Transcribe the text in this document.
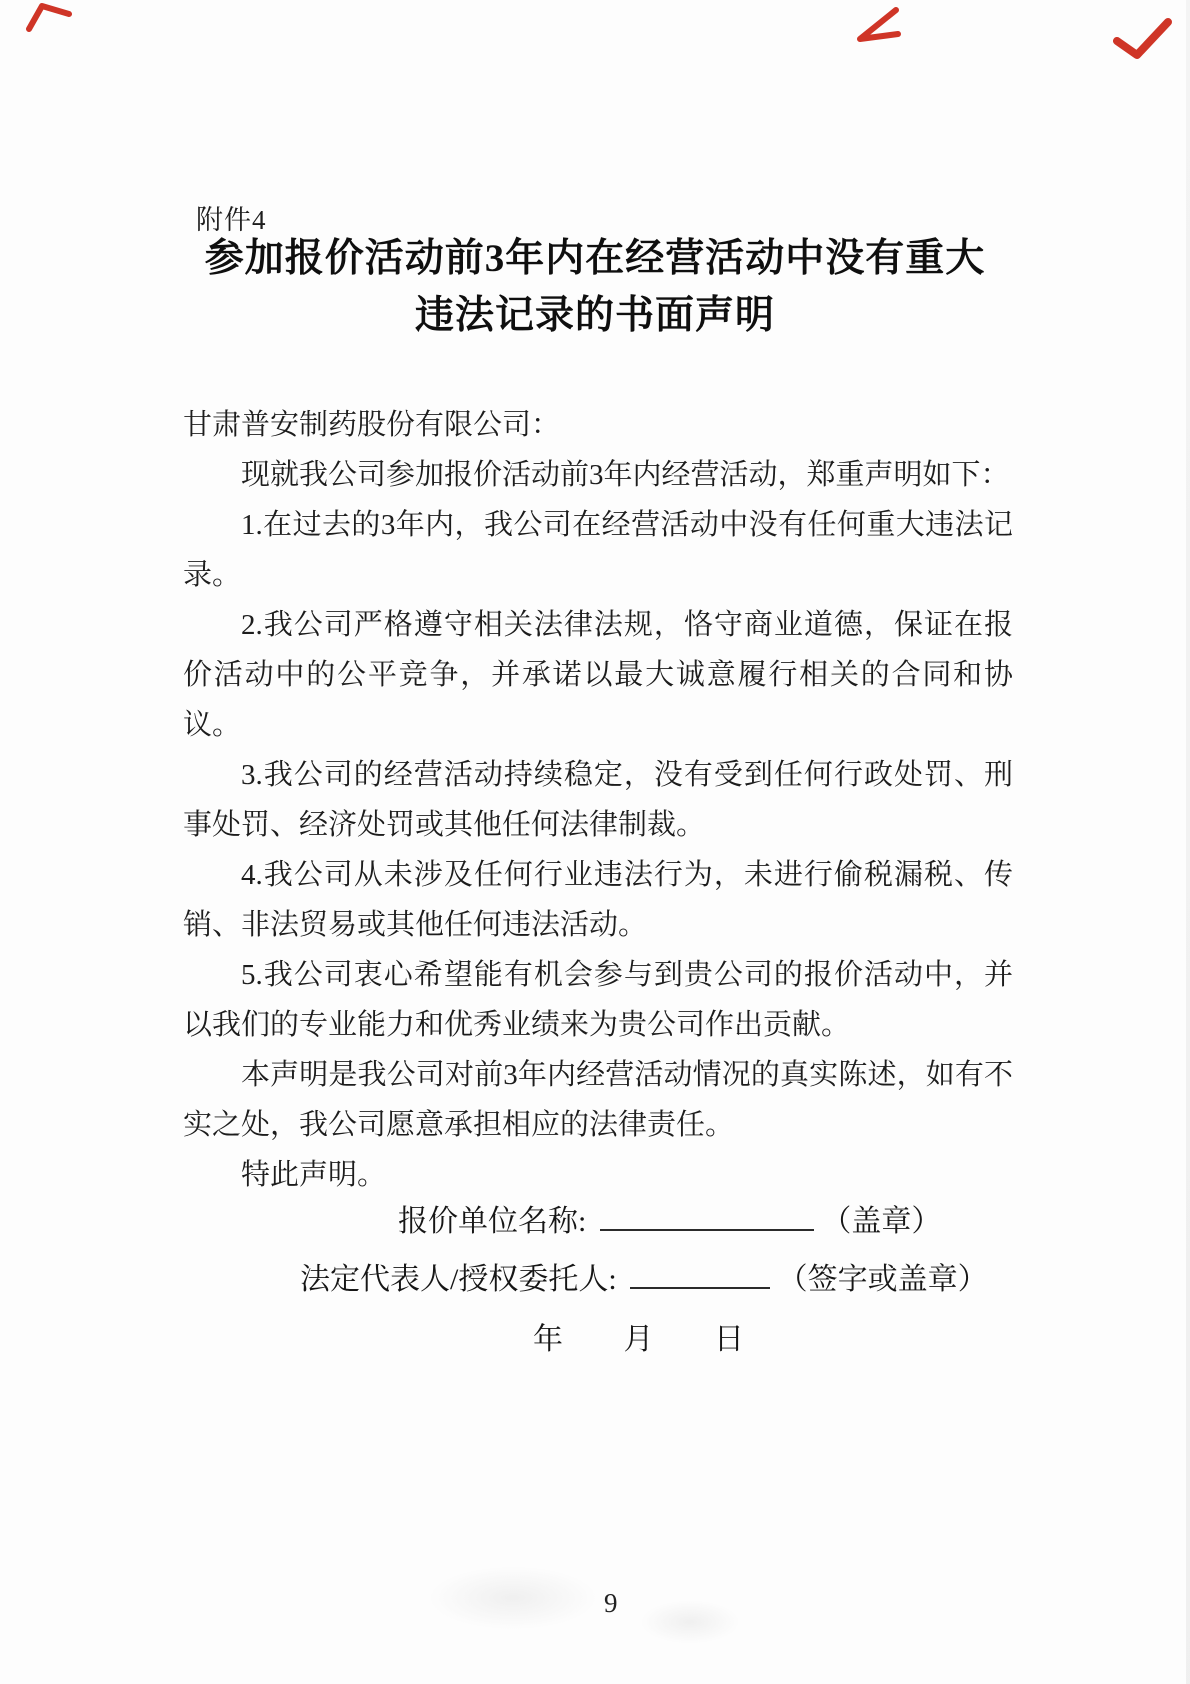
附件4
参加报价活动前3年内在经营活动中没有重大
违法记录的书面声明

甘肃普安制药股份有限公司：

现就我公司参加报价活动前3年内经营活动，郑重声明如下：

1.在过去的3年内，我公司在经营活动中没有任何重大违法记录。

2.我公司严格遵守相关法律法规，恪守商业道德，保证在报价活动中的公平竞争，并承诺以最大诚意履行相关的合同和协议。

3.我公司的经营活动持续稳定，没有受到任何行政处罚、刑事处罚、经济处罚或其他任何法律制裁。

4.我公司从未涉及任何行业违法行为，未进行偷税漏税、传销、非法贸易或其他任何违法活动。

5.我公司衷心希望能有机会参与到贵公司的报价活动中，并以我们的专业能力和优秀业绩来为贵公司作出贡献。

本声明是我公司对前3年内经营活动情况的真实陈述，如有不实之处，我公司愿意承担相应的法律责任。

特此声明。

报价单位名称:	（盖章）
法定代表人/授权委托人:	（签字或盖章）
年 月 日
9
